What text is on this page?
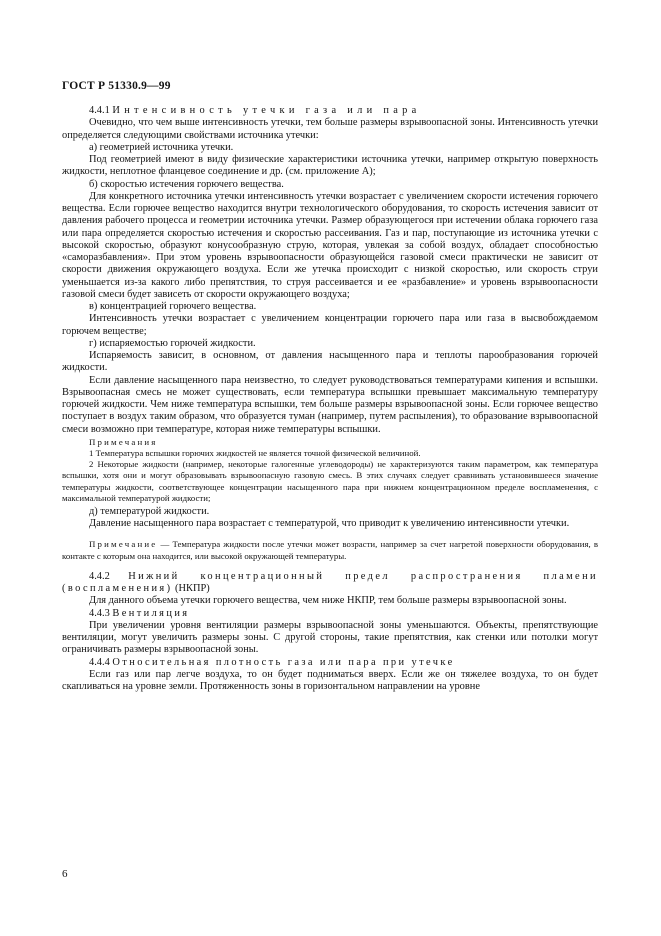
ГОСТ Р 51330.9—99

4.4.1 Интенсивность утечки газа или пара

Очевидно, что чем выше интенсивность утечки, тем больше размеры взрывоопасной зоны. Интенсивность утечки определяется следующими свойствами источника утечки:

а) геометрией источника утечки.

Под геометрией имеют в виду физические характеристики источника утечки, например открытую поверхность жидкости, неплотное фланцевое соединение и др. (см. приложение А);

б) скоростью истечения горючего вещества.

Для конкретного источника утечки интенсивность утечки возрастает с увеличением скорости истечения горючего вещества. Если горючее вещество находится внутри технологического оборудования, то скорость истечения зависит от давления рабочего процесса и геометрии источника утечки. Размер образующегося при истечении облака горючего газа или пара определяется скоростью истечения и скоростью рассеивания. Газ и пар, поступающие из источника утечки с высокой скоростью, образуют конусообразную струю, которая, увлекая за собой воздух, обладает способностью «саморазбавления». При этом уровень взрывоопасности образующейся газовой смеси практически не зависит от скорости движения окружающего воздуха. Если же утечка происходит с низкой скоростью, или скорость струи уменьшается из-за какого либо препятствия, то струя рассеивается и ее «разбавление» и уровень взрывоопасности газовой смеси будет зависеть от скорости окружающего воздуха;

в) концентрацией горючего вещества.

Интенсивность утечки возрастает с увеличением концентрации горючего пара или газа в высвобождаемом горючем веществе;

г) испаряемостью горючей жидкости.

Испаряемость зависит, в основном, от давления насыщенного пара и теплоты парообразования горючей жидкости.

Если давление насыщенного пара неизвестно, то следует руководствоваться температурами кипения и вспышки. Взрывоопасная смесь не может существовать, если температура вспышки превышает максимальную температуру горючей жидкости. Чем ниже температура вспышки, тем больше размеры взрывоопасной зоны. Если горючее вещество поступает в воздух таким образом, что образуется туман (например, путем распыления), то образование взрывоопасной смеси возможно при температуре, которая ниже температуры вспышки.

Примечания

1 Температура вспышки горючих жидкостей не является точной физической величиной.

2 Некоторые жидкости (например, некоторые галогенные углеводороды) не характеризуются таким параметром, как температура вспышки, хотя они и могут образовывать взрывоопасную газовую смесь. В этих случаях следует сравнивать установившееся значение температуры жидкости, соответствующее концентрации насыщенного пара при нижнем концентрационном пределе воспламенения, с максимальной температурой жидкости;

д) температурой жидкости.

Давление насыщенного пара возрастает с температурой, что приводит к увеличению интенсивности утечки.

Примечание — Температура жидкости после утечки может возрасти, например за счет нагретой поверхности оборудования, в контакте с которым она находится, или высокой окружающей температуры.

4.4.2 Нижний концентрационный предел распространения пламени (воспламенения) (НКПР)

Для данного объема утечки горючего вещества, чем ниже НКПР, тем больше размеры взрывоопасной зоны.

4.4.3 Вентиляция

При увеличении уровня вентиляции размеры взрывоопасной зоны уменьшаются. Объекты, препятствующие вентиляции, могут увеличить размеры зоны. С другой стороны, такие препятствия, как стенки или потолки могут ограничивать размеры взрывоопасной зоны.

4.4.4 Относительная плотность газа или пара при утечке

Если газ или пар легче воздуха, то он будет подниматься вверх. Если же он тяжелее воздуха, то он будет скапливаться на уровне земли. Протяженность зоны в горизонтальном направлении на уровне

6
